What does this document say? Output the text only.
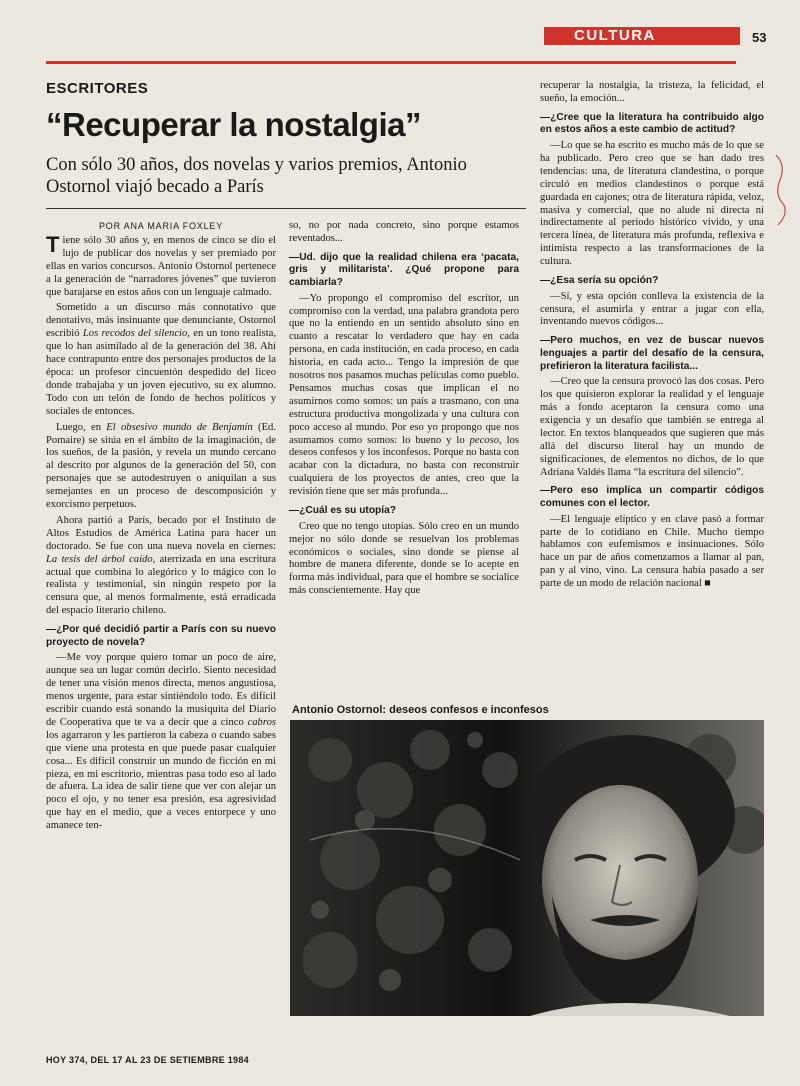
CULTURA	53
ESCRITORES
“Recuperar la nostalgia”
Con sólo 30 años, dos novelas y varios premios, Antonio Ostornol viajó becado a París
POR ANA MARIA FOXLEY

Tiene sólo 30 años y, en menos de cinco se dio el lujo de publicar dos novelas y ser premiado por ellas en varios concursos. Antonio Ostornol pertenece a la generación de “narradores jóvenes” que tuvieron que barajarse en estos años con un lenguaje calmado.

Sometido a un discurso más connotativo que denotativo, más insinuante que denunciante, Ostornol escribió Los recodos del silencio, en un tono realista, que lo han asimilado al de la generación del 38. Ahí hace contrapunto entre dos personajes productos de la época: un profesor cincuentón despedido del liceo donde trabajaba y un joven ejecutivo, su ex alumno. Todo con un telón de fondo de hechos políticos y sociales de entonces.

Luego, en El obsesivo mundo de Benjamín (Ed. Pomaire) se sitúa en el ámbito de la imaginación, de los sueños, de la pasión, y revela un mundo cercano al descrito por algunos de la generación del 50, con personajes que se autodestruyen o aniquilan a sus semejantes en un proceso de descomposición y exorcismo perpetuos.

Ahora partió a París, becado por el Instituto de Altos Estudios de América Latina para hacer un doctorado. Se fue con una nueva novela en ciernes: La tesis del árbol caído, aterrizada en una escritura actual que combina lo alegórico y lo mágico con lo realista y testimonial, sin ningún respeto por la censura que, al menos formalmente, está erradicada del espacio literario chileno.

—¿Por qué decidió partir a París con su nuevo proyecto de novela?

—Me voy porque quiero tomar un poco de aire, aunque sea un lugar común decirlo. Siento necesidad de tener una visión menos directa, menos angustiosa, menos urgente, para estar sintiéndolo todo. Es difícil escribir cuando está sonando la musiquita del Diario de Cooperativa que te va a decir que a cinco cabros los agarraron y les partieron la cabeza o cuando sabes que viene una protesta en que puede pasar cualquier cosa... Es difícil construir un mundo de ficción en mi pieza, en mi escritorio, mientras pasa todo eso al lado de afuera. La idea de salir tiene que ver con alejar un poco el ojo, y no tener esa presión, esa agresividad que hay en el medio, que a veces entorpece y uno amanece ten-

so, no por nada concreto, sino porque estamos reventados...

—Ud. dijo que la realidad chilena era ‘pacata, gris y militarista’. ¿Qué propone para cambiarla?

—Yo propongo el compromiso del escritor, un compromiso con la verdad, una palabra grandota pero que no la entiendo en un sentido absoluto sino en cuanto a rescatar lo verdadero que hay en cada persona, en cada institución, en cada proceso, en cada historia, en cada acto... Tengo la impresión de que nosotros nos pasamos muchas películas como pueblo. Pensamos muchas cosas que implican el no asumirnos como somos: un país a trasmano, con una estructura productiva mongolizada y una cultura con poco acceso al mundo. Por eso yo propongo que nos asumamos como somos: lo bueno y lo pecoso, los deseos confesos y los inconfesos. Porque no basta con acabar con la dictadura, no basta con reconstruir cualquiera de los proyectos de antes, creo que la revisión tiene que ser más profunda...

—¿Cuál es su utopía?

Creo que no tengo utopías. Sólo creo en un mundo mejor no sólo donde se resuelvan los problemas económicos o sociales, sino donde se piense al hombre de manera diferente, donde se lo acepte en forma más individual, para que el hombre se socialice más conscientemente. Hay que

recuperar la nostalgia, la tristeza, la felicidad, el sueño, la emoción...

—¿Cree que la literatura ha contribuido algo en estos años a este cambio de actitud?

—Lo que se ha escrito es mucho más de lo que se ha publicado. Pero creo que se han dado tres tendencias: una, de literatura clandestina, o porque circuló en medios clandestinos o porque está guardada en cajones; otra de literatura rápida, veloz, masiva y comercial, que no alude ni directa ni indirectamente al período histórico vivido, y una tercera línea, de literatura más profunda, reflexiva e intimista respecto a las transformaciones de la cultura.

—¿Esa sería su opción?

—Sí, y esta opción conlleva la existencia de la censura, el asumirla y entrar a jugar con ella, inventando nuevos códigos...

—Pero muchos, en vez de buscar nuevos lenguajes a partir del desafío de la censura, prefirieron la literatura facilista...

—Creo que la censura provocó las dos cosas. Pero los que quisieron explorar la realidad y el lenguaje más a fondo aceptaron la censura como una exigencia y un desafío que también se entrega al lector. En textos blanqueados que sugieren que más allá del discurso literal hay un mundo de significaciones, de elementos no dichos, de lo que Adriana Valdés llama “la escritura del silencio”.

—Pero eso implica un compartir códigos comunes con el lector.

—El lenguaje elíptico y en clave pasó a formar parte de lo cotidiano en Chile. Mucho tiempo hablamos con eufemismos e insinuaciones. Sólo hace un par de años comenzamos a llamar al pan, pan y al vino, vino. La censura había pasado a ser parte de un modo de relación nacional ■

Antonio Ostornol: deseos confesos e inconfesos
HOY 374, DEL 17 AL 23 DE SETIEMBRE 1984
